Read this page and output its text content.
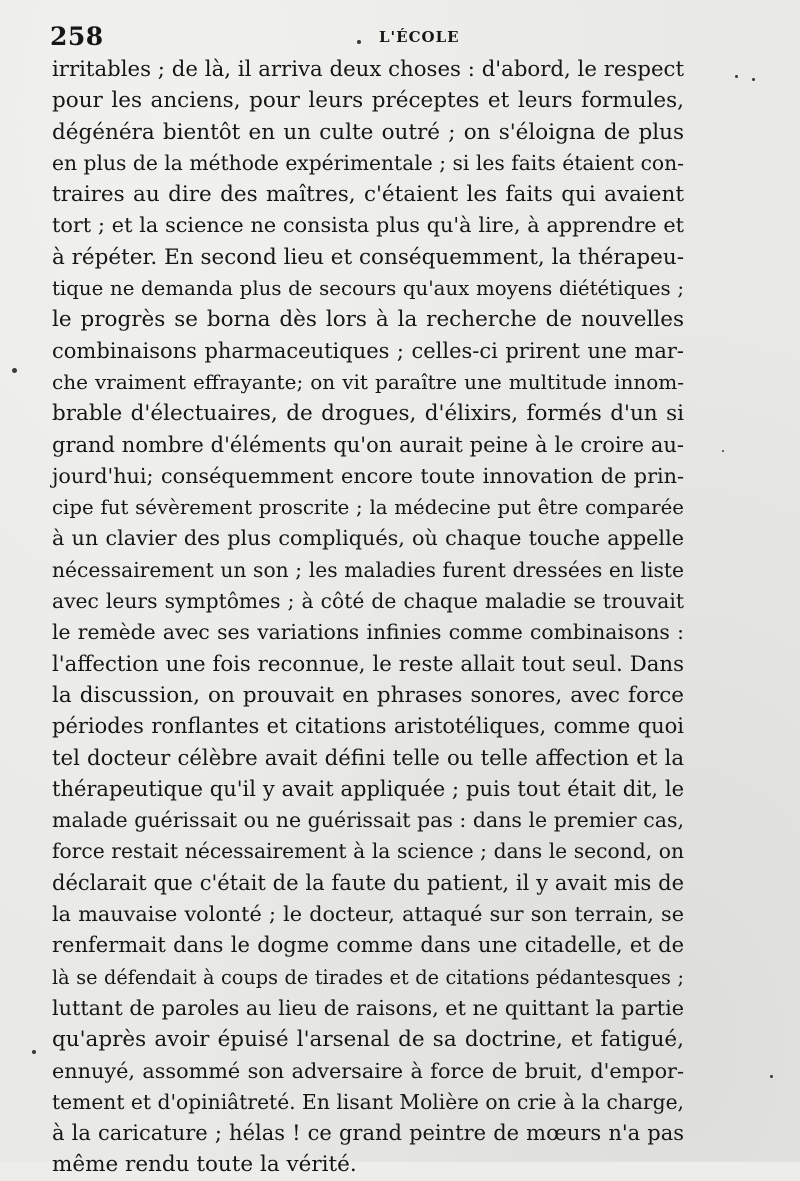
258	L'ÉCOLE
irritables ; de là, il arriva deux choses : d'abord, le respect
pour les anciens, pour leurs préceptes et leurs formules,
dégénéra bientôt en un culte outré ; on s'éloigna de plus
en plus de la méthode expérimentale ; si les faits étaient con-
traires au dire des maîtres, c'étaient les faits qui avaient
tort ; et la science ne consista plus qu'à lire, à apprendre et
à répéter. En second lieu et conséquemment, la thérapeu-
tique ne demanda plus de secours qu'aux moyens diététiques ;
le progrès se borna dès lors à la recherche de nouvelles
combinaisons pharmaceutiques ; celles-ci prirent une mar-
che vraiment effrayante; on vit paraître une multitude innom-
brable d'électuaires, de drogues, d'élixirs, formés d'un si
grand nombre d'éléments qu'on aurait peine à le croire au-
jourd'hui; conséquemment encore toute innovation de prin-
cipe fut sévèrement proscrite ; la médecine put être comparée
à un clavier des plus compliqués, où chaque touche appelle
nécessairement un son ; les maladies furent dressées en liste
avec leurs symptômes ; à côté de chaque maladie se trouvait
le remède avec ses variations infinies comme combinaisons :
l'affection une fois reconnue, le reste allait tout seul. Dans
la discussion, on prouvait en phrases sonores, avec force
périodes ronflantes et citations aristotéliques, comme quoi
tel docteur célèbre avait défini telle ou telle affection et la
thérapeutique qu'il y avait appliquée ; puis tout était dit, le
malade guérissait ou ne guérissait pas : dans le premier cas,
force restait nécessairement à la science ; dans le second, on
déclarait que c'était de la faute du patient, il y avait mis de
la mauvaise volonté ; le docteur, attaqué sur son terrain, se
renfermait dans le dogme comme dans une citadelle, et de
là se défendait à coups de tirades et de citations pédantesques ;
luttant de paroles au lieu de raisons, et ne quittant la partie
qu'après avoir épuisé l'arsenal de sa doctrine, et fatigué,
ennuyé, assommé son adversaire à force de bruit, d'empor-
tement et d'opiniâtreté. En lisant Molière on crie à la charge,
à la caricature ; hélas ! ce grand peintre de mœurs n'a pas
même rendu toute la vérité.
